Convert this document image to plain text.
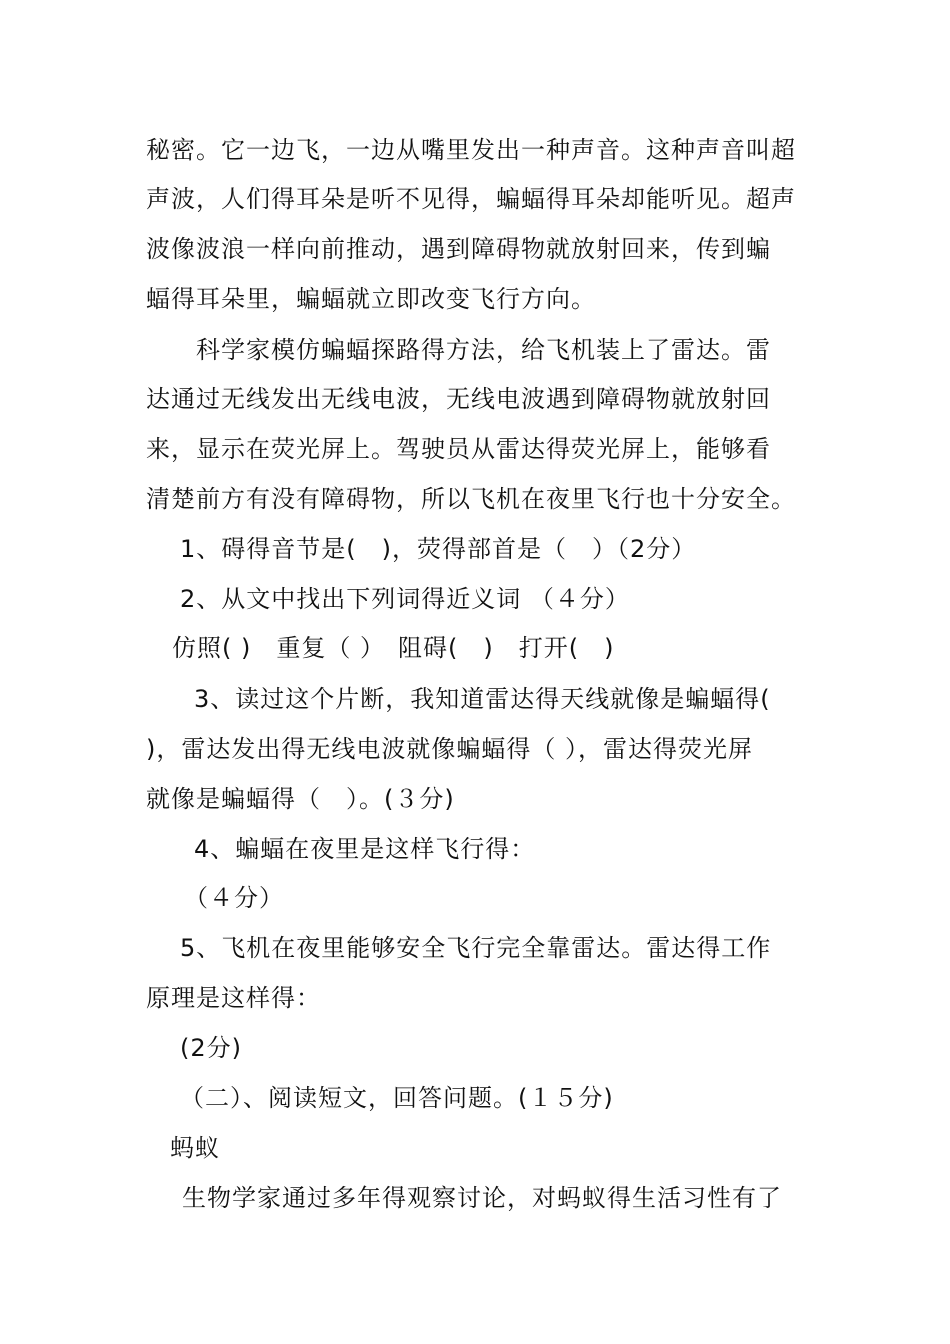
秘密。它一边飞，一边从嘴里发出一种声音。这种声音叫超
声波，人们得耳朵是听不见得，蝙蝠得耳朵却能听见。超声
波像波浪一样向前推动，遇到障碍物就放射回来，传到蝙
蝠得耳朵里，蝙蝠就立即改变飞行方向。
科学家模仿蝙蝠探路得方法，给飞机装上了雷达。雷
达通过无线发出无线电波，无线电波遇到障碍物就放射回
来，显示在荧光屏上。驾驶员从雷达得荧光屏上，能够看
清楚前方有没有障碍物，所以飞机在夜里飞行也十分安全。
1、碍得音节是(　)，荧得部首是（　）（2分）
2、从文中找出下列词得近义词 （４分）
仿照( )　重复（ ）　阻碍(　)　打开(　)
3、读过这个片断，我知道雷达得天线就像是蝙蝠得(
)，雷达发出得无线电波就像蝙蝠得（ ），雷达得荧光屏
就像是蝙蝠得（　）。(３分)
4、蝙蝠在夜里是这样飞行得：
（４分）
5、飞机在夜里能够安全飞行完全靠雷达。雷达得工作
原理是这样得：
(2分)
（二）、阅读短文，回答问题。(１５分)
蚂蚁
生物学家通过多年得观察讨论，对蚂蚁得生活习性有了
